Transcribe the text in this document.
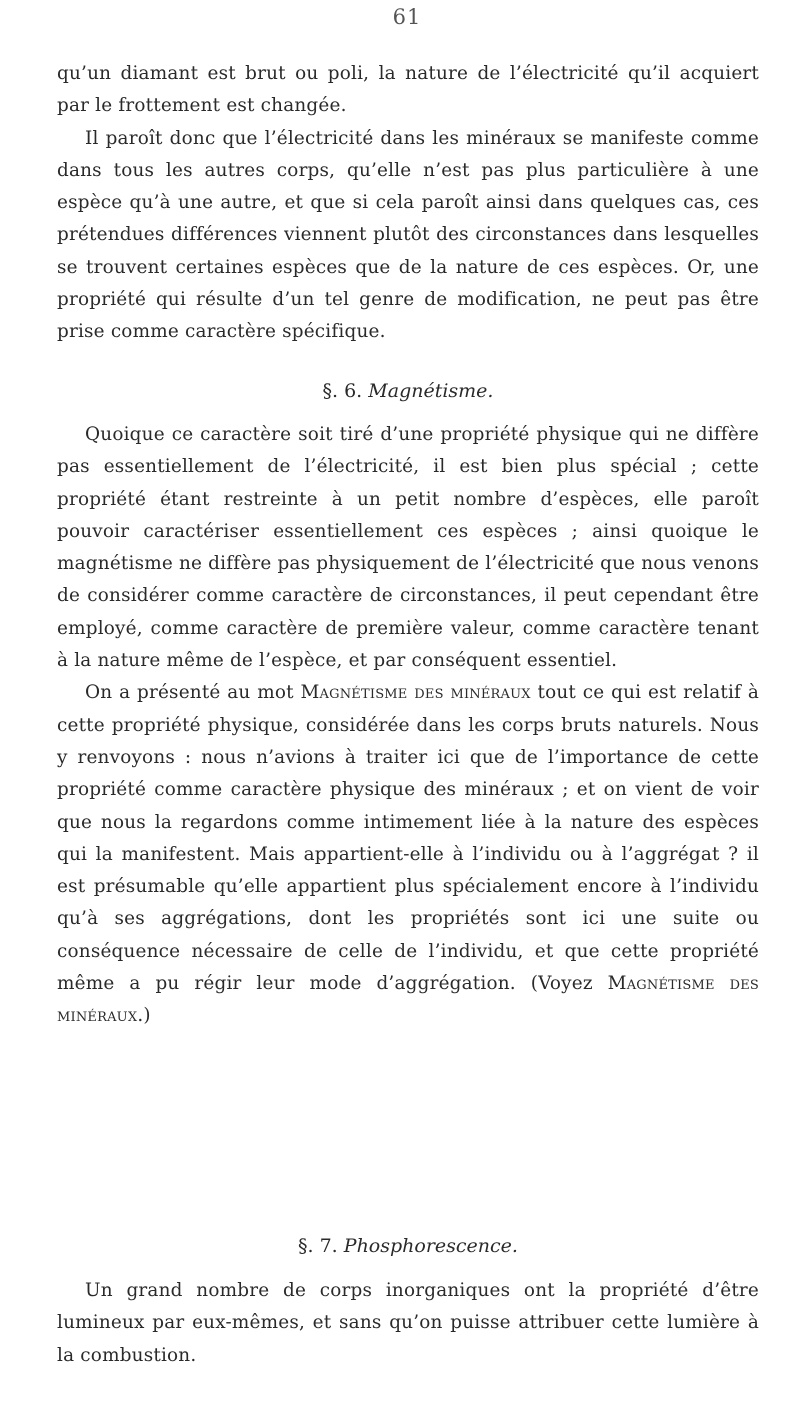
61

qu’un diamant est brut ou poli, la nature de l’électricité qu’il acquiert par le frottement est changée.

Il paroît donc que l’électricité dans les minéraux se manifeste comme dans tous les autres corps, qu’elle n’est pas plus particulière à une espèce qu’à une autre, et que si cela paroît ainsi dans quelques cas, ces prétendues différences viennent plutôt des circonstances dans lesquelles se trouvent certaines espèces que de la nature de ces espèces. Or, une propriété qui résulte d’un tel genre de modification, ne peut pas être prise comme caractère spécifique.

§. 6. Magnétisme.

Quoique ce caractère soit tiré d’une propriété physique qui ne diffère pas essentiellement de l’électricité, il est bien plus spécial ; cette propriété étant restreinte à un petit nombre d’espèces, elle paroît pouvoir caractériser essentiellement ces espèces ; ainsi quoique le magnétisme ne diffère pas physiquement de l’électricité que nous venons de considérer comme caractère de circonstances, il peut cependant être employé, comme caractère de première valeur, comme caractère tenant à la nature même de l’espèce, et par conséquent essentiel.

On a présenté au mot Magnétisme des minéraux tout ce qui est relatif à cette propriété physique, considérée dans les corps bruts naturels. Nous y renvoyons : nous n’avions à traiter ici que de l’importance de cette propriété comme caractère physique des minéraux ; et on vient de voir que nous la regardons comme intimement liée à la nature des espèces qui la manifestent. Mais appartient-elle à l’individu ou à l’aggrégat ? il est présumable qu’elle appartient plus spécialement encore à l’individu qu’à ses aggrégations, dont les propriétés sont ici une suite ou conséquence nécessaire de celle de l’individu, et que cette propriété même a pu régir leur mode d’aggrégation. (Voyez Magnétisme des minéraux.)

§. 7. Phosphorescence.

Un grand nombre de corps inorganiques ont la propriété d’être lumineux par eux-mêmes, et sans qu’on puisse attribuer cette lumière à la combustion.
